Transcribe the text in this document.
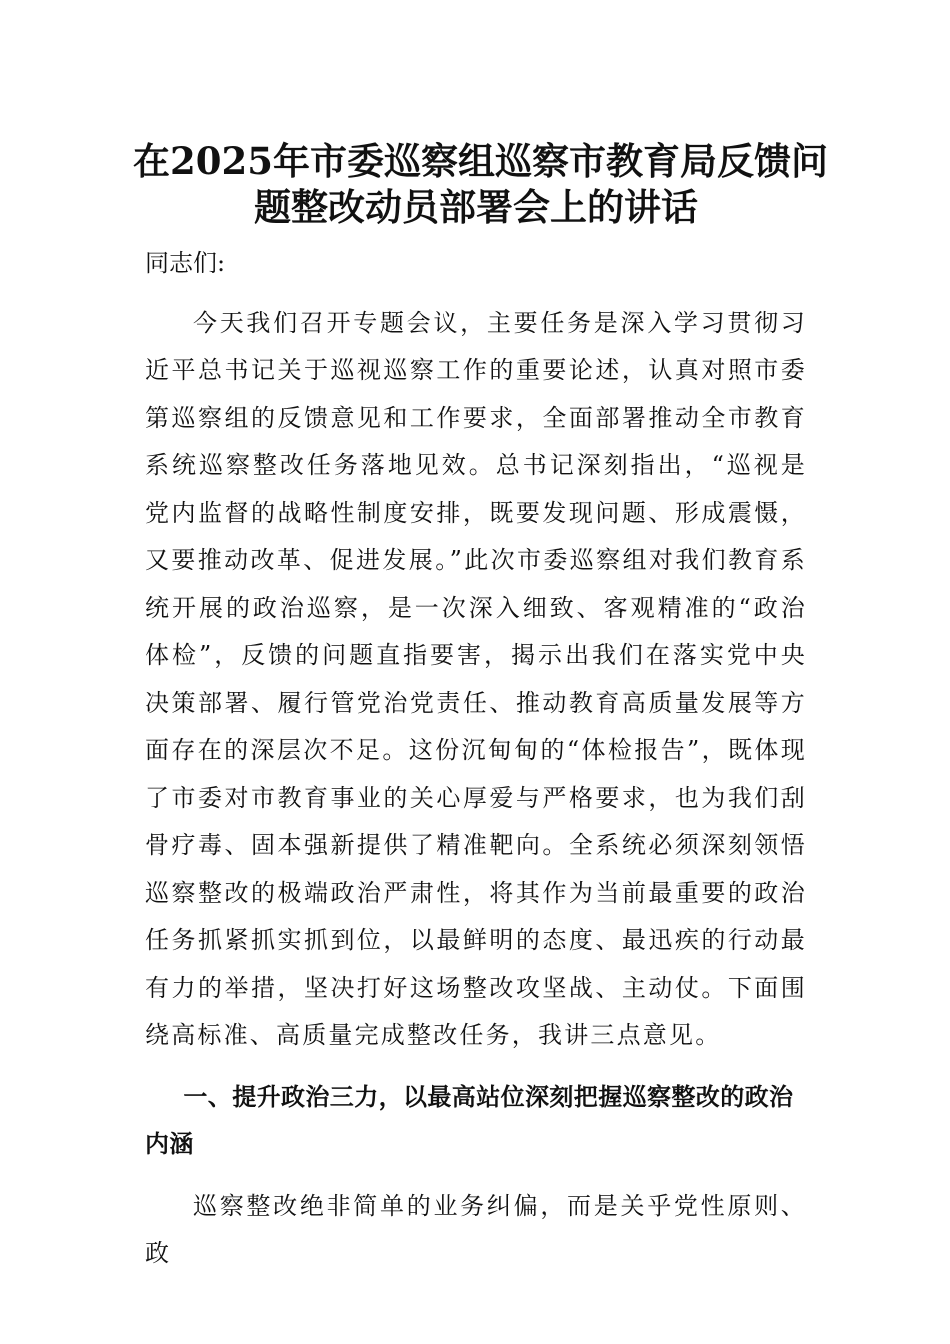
在2025年市委巡察组巡察市教育局反馈问
题整改动员部署会上的讲话
同志们:

今天我们召开专题会议，主要任务是深入学习贯彻习近平总书记关于巡视巡察工作的重要论述，认真对照市委第巡察组的反馈意见和工作要求，全面部署推动全市教育系统巡察整改任务落地见效。总书记深刻指出，“巡视是党内监督的战略性制度安排，既要发现问题、形成震慑，又要推动改革、促进发展。”此次市委巡察组对我们教育系统开展的政治巡察，是一次深入细致、客观精准的“政治体检”，反馈的问题直指要害，揭示出我们在落实党中央决策部署、履行管党治党责任、推动教育高质量发展等方面存在的深层次不足。这份沉甸甸的“体检报告”，既体现了市委对市教育事业的关心厚爱与严格要求，也为我们刮骨疗毒、固本强新提供了精准靶向。全系统必须深刻领悟巡察整改的极端政治严肃性，将其作为当前最重要的政治任务抓紧抓实抓到位，以最鲜明的态度、最迅疾的行动最有力的举措，坚决打好这场整改攻坚战、主动仗。下面围绕高标准、高质量完成整改任务，我讲三点意见。

一、提升政治三力，以最高站位深刻把握巡察整改的政治内涵

巡察整改绝非简单的业务纠偏，而是关乎党性原则、政
